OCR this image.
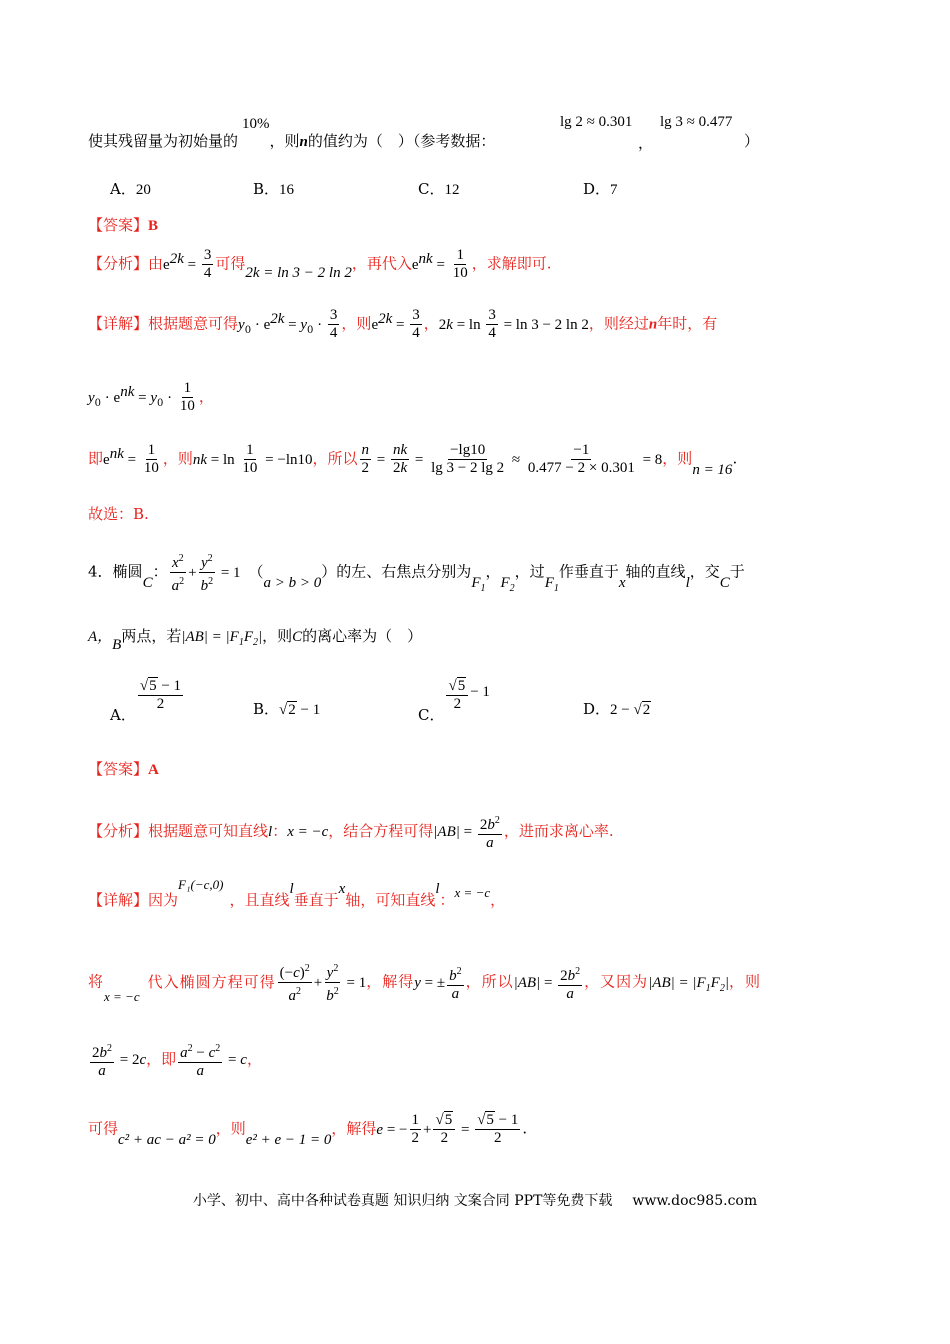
使其残留量为初始量的10%，则n的值约为（　）（参考数据：
lg 2 ≈ 0.301
，
lg 3 ≈ 0.477
）
A．20	B．16	C．12	D．7
【答案】B
【分析】由$e^{2k} = \frac{3}{4}$ 可得2k = ln 3 − 2 ln 2，再代入$e^{nk} = \frac{1}{10}$ ，求解即可.
【详解】根据题意可得$y_0 \cdot e^{2k} = y_0 \cdot \frac{3}{4}$ ，则$e^{2k} = \frac{3}{4}$ ，$2k = \ln \frac{3}{4} = \ln 3 - 2$ ln 2，则经过n年时，有
$y_0 \cdot e^{nk} = y_0 \cdot \frac{1}{10}$ ，
即$e^{nk} = \frac{1}{10}$ ，则nk = $\ln \frac{1}{10} = -\ln 10$，所以 $\frac{n}{2} = \frac{nk}{2k} = \frac{-\lg 10}{\lg 3 - 2 \lg 2} \approx \frac{-1}{0.477 - 2 \times 0.301} = 8$，则n = 16.
故选：B.
4．椭圆C： $\frac{x^2}{a^2} + \frac{y^2}{b^2} = 1$ （a > b > 0）的左、右焦点分别为$F_1$，$F_2$，过$F_1$作垂直于x轴的直线l，交C于
A，B两点，若$|AB| = |F_1F_2|$，则C的离心率为（　）
A．
$\frac{√5 - 1}{2}$	B．√2 − 1	C．
$\frac{√5}{2} - 1$
D．2 − √2
【答案】A
【分析】根据题意可知直线l：x = −c，结合方程可得$|AB| = \frac{2b^2}{a}$ ，进而求离心率.
【详解】因为F₁(−c,0)，且直线l垂直于x轴，可知直线l：x = −c，
将x = −c代入椭圆方程可得 $\frac{(-c)^2}{a^2} + \frac{y^2}{b^2} = 1$，解得y = ± $\frac{b^2}{a}$ ，所以$|AB| = \frac{2b^2}{a}$ ，又因为$|AB| = |F_1F_2|$，则
$\frac{2b^2}{a} = 2c$，即 $\frac{a^2 - c^2}{a} = c$，
可得c² + ac − a² = 0，则e² + e − 1 = 0，解得e = − $\frac{1}{2} + \frac{√5}{2} = \frac{√5 - 1}{2}$ .
小学、初中、高中各种试卷真题 知识归纳 文案合同 PPT等免费下载 www.doc985.com
